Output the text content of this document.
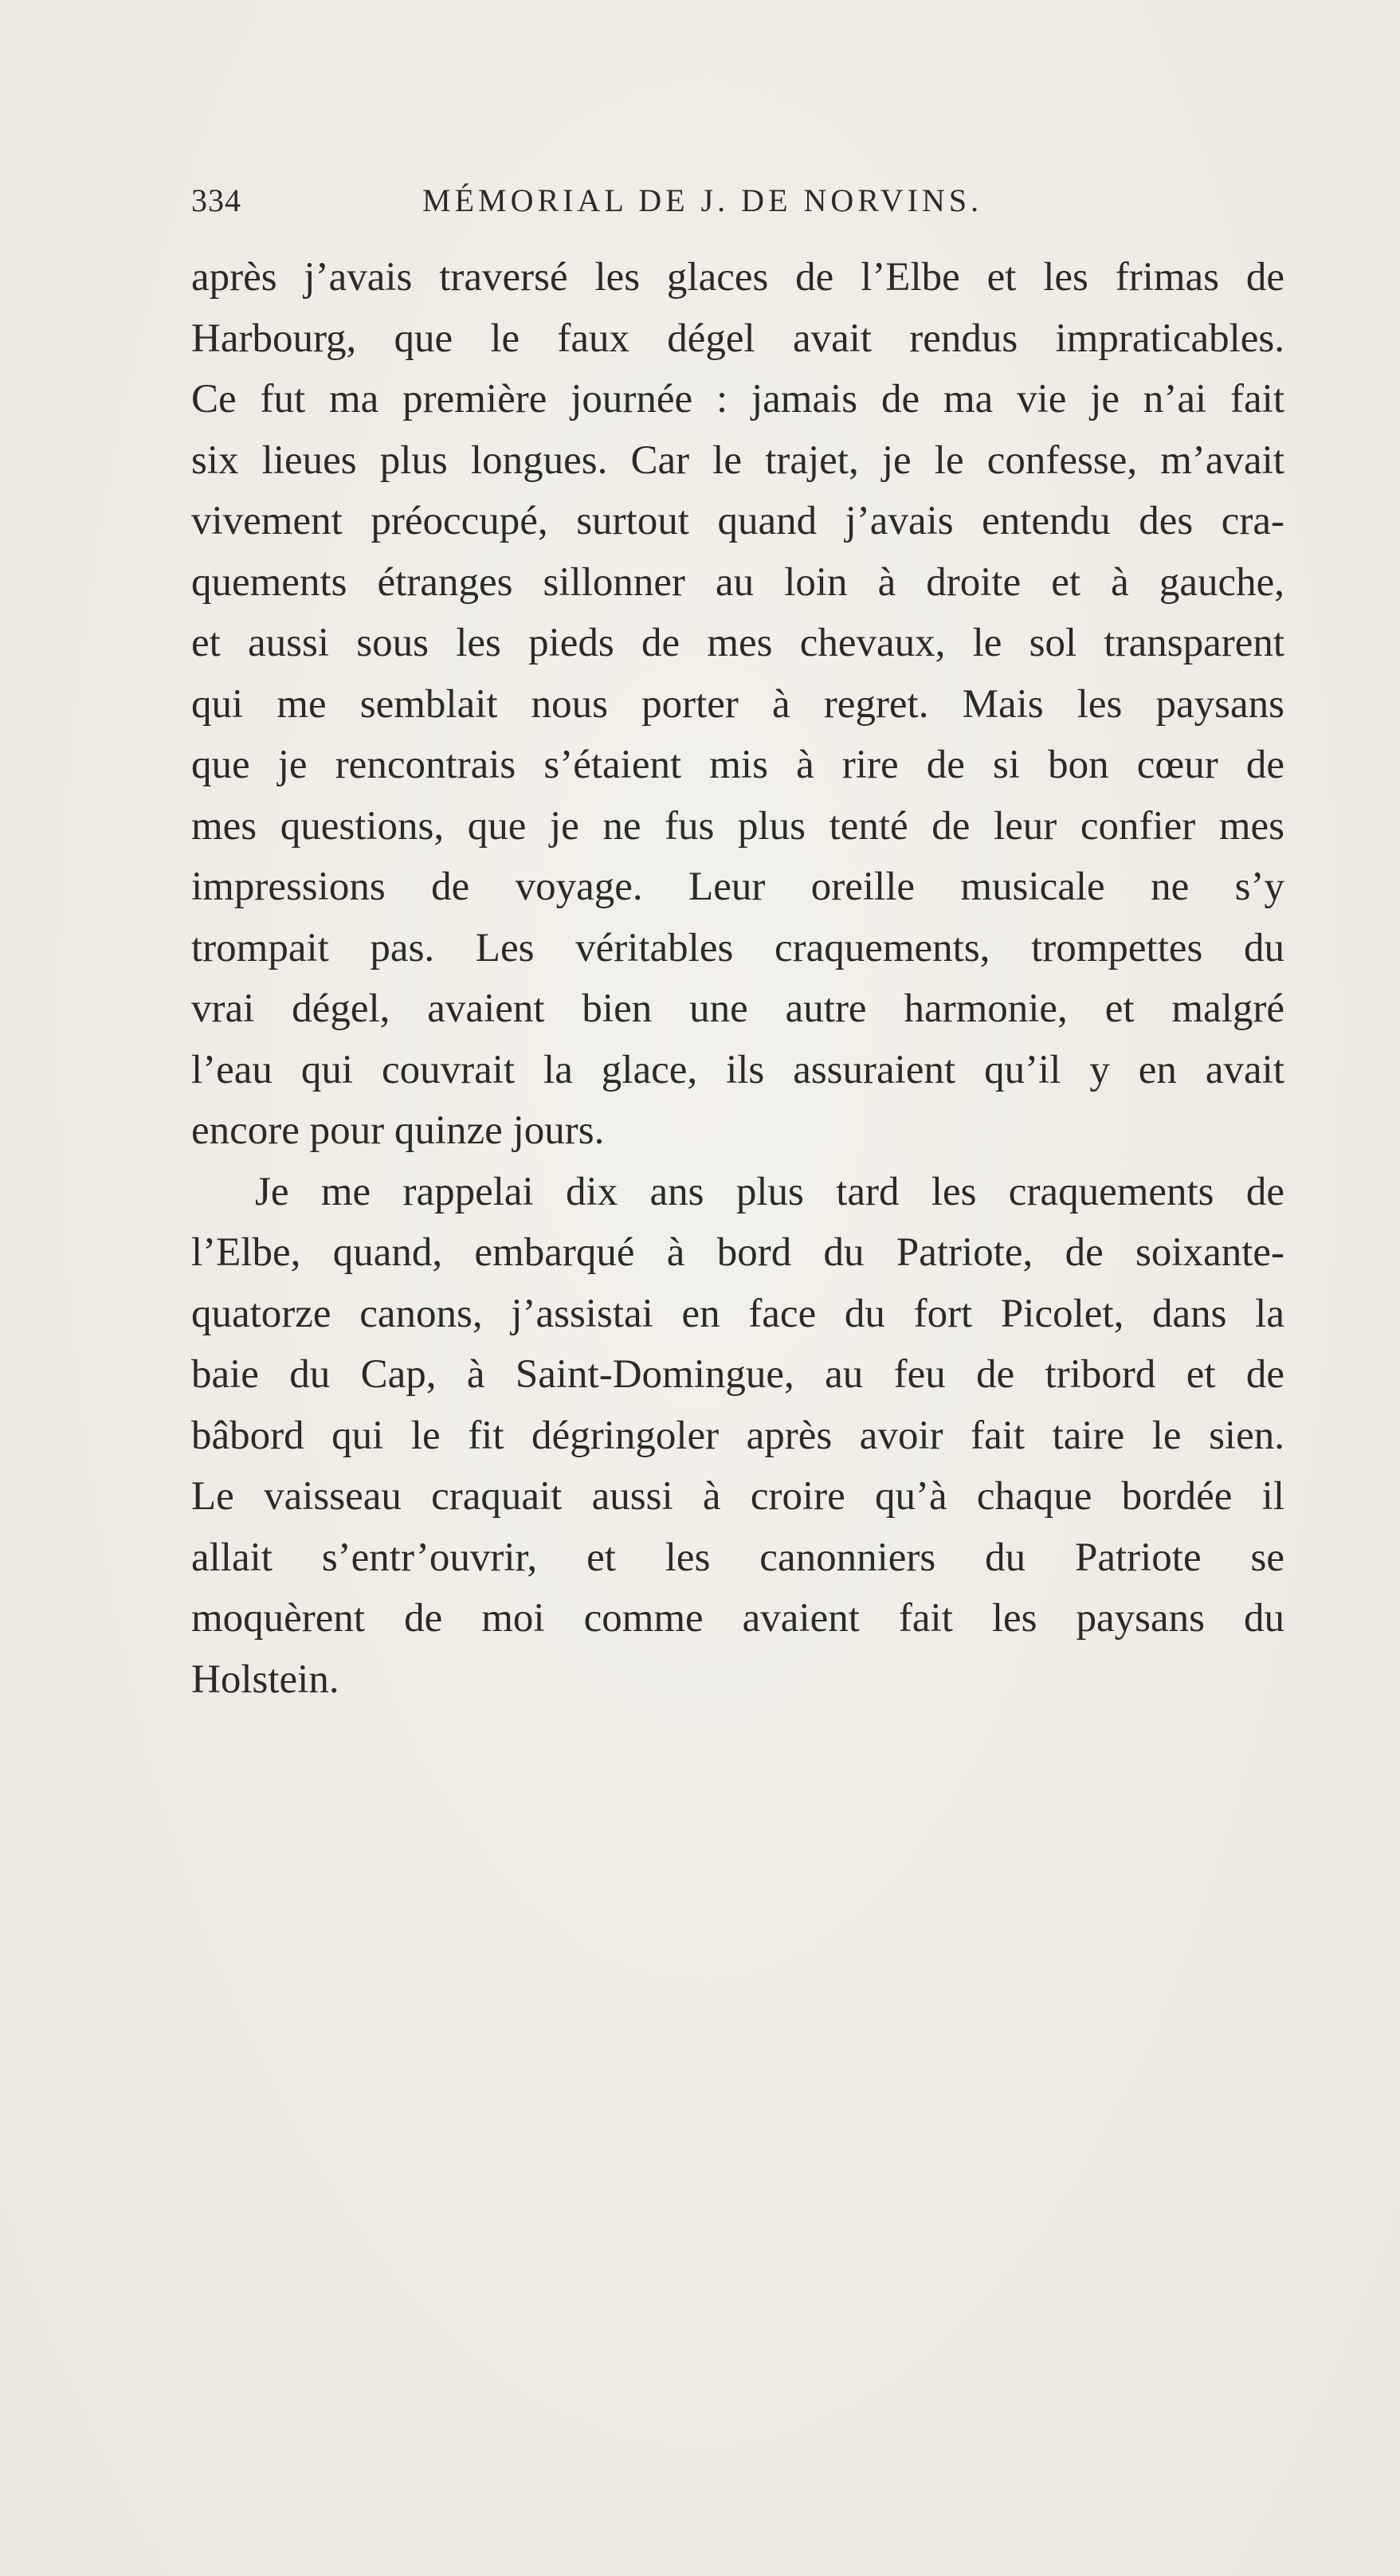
334	MÉMORIAL DE J. DE NORVINS.
après j’avais traversé les glaces de l’Elbe et les frimas de
Harbourg, que le faux dégel avait rendus impraticables.
Ce fut ma première journée : jamais de ma vie je n’ai fait
six lieues plus longues. Car le trajet, je le confesse, m’avait
vivement préoccupé, surtout quand j’avais entendu des cra-
quements étranges sillonner au loin à droite et à gauche,
et aussi sous les pieds de mes chevaux, le sol transparent
qui me semblait nous porter à regret. Mais les paysans
que je rencontrais s’étaient mis à rire de si bon cœur de
mes questions, que je ne fus plus tenté de leur confier mes
impressions de voyage. Leur oreille musicale ne s’y
trompait pas. Les véritables craquements, trompettes du
vrai dégel, avaient bien une autre harmonie, et malgré
l’eau qui couvrait la glace, ils assuraient qu’il y en avait
encore pour quinze jours.
Je me rappelai dix ans plus tard les craquements de
l’Elbe, quand, embarqué à bord du Patriote, de soixante-
quatorze canons, j’assistai en face du fort Picolet, dans la
baie du Cap, à Saint-Domingue, au feu de tribord et de
bâbord qui le fit dégringoler après avoir fait taire le sien.
Le vaisseau craquait aussi à croire qu’à chaque bordée il
allait s’entr’ouvrir, et les canonniers du Patriote se
moquèrent de moi comme avaient fait les paysans du
Holstein.
